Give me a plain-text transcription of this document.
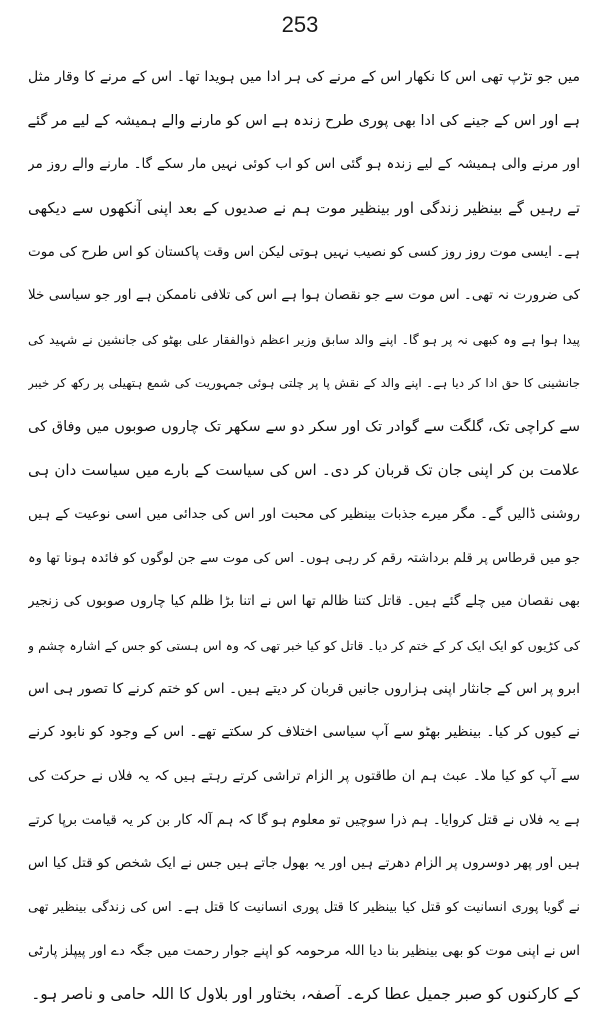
253
میں جو تڑپ تھی اس کا نکھار اس کے مرنے کی ہر ادا میں ہویدا تھا۔ اس کے مرنے کا وقار مثل
ہے اور اس کے جینے کی ادا بھی پوری طرح زندہ ہے اس کو مارنے والے ہمیشہ کے لیے مر گئے
اور مرنے والی ہمیشہ کے لیے زندہ ہو گئی اس کو اب کوئی نہیں مار سکے گا۔ مارنے والے روز مر
تے رہیں گے بینظیر زندگی اور بینظیر موت ہم نے صدیوں کے بعد اپنی آنکھوں سے دیکھی
ہے۔ ایسی موت روز روز کسی کو نصیب نہیں ہوتی لیکن اس وقت پاکستان کو اس طرح کی موت
کی ضرورت نہ تھی۔ اس موت سے جو نقصان ہوا ہے اس کی تلافی ناممکن ہے اور جو سیاسی خلا
پیدا ہوا ہے وہ کبھی نہ پر ہو گا۔ اپنے والد سابق وزیر اعظم ذوالفقار علی بھٹو کی جانشین نے شہید کی
جانشینی کا حق ادا کر دیا ہے۔ اپنے والد کے نقش پا پر چلتی ہوئی جمہوریت کی شمع ہتھیلی پر رکھ کر خیبر
سے کراچی تک، گلگت سے گوادر تک اور سکر دو سے سکھر تک چاروں صوبوں میں وفاق کی
علامت بن کر اپنی جان تک قربان کر دی۔ اس کی سیاست کے بارے میں سیاست دان ہی
روشنی ڈالیں گے۔ مگر میرے جذبات بینظیر کی محبت اور اس کی جدائی میں اسی نوعیت کے ہیں
جو میں قرطاس پر قلم برداشتہ رقم کر رہی ہوں۔ اس کی موت سے جن لوگوں کو فائدہ ہونا تھا وہ
بھی نقصان میں چلے گئے ہیں۔ قاتل کتنا ظالم تھا اس نے اتنا بڑا ظلم کیا چاروں صوبوں کی زنجیر
کی کڑیوں کو ایک ایک کر کے ختم کر دیا۔ قاتل کو کیا خبر تھی کہ وہ اس ہستی کو جس کے اشارہ چشم و
ابرو پر اس کے جانثار اپنی ہزاروں جانیں قربان کر دیتے ہیں۔ اس کو ختم کرنے کا تصور ہی اس
نے کیوں کر کیا۔ بینظیر بھٹو سے آپ سیاسی اختلاف کر سکتے تھے۔ اس کے وجود کو نابود کرنے
سے آپ کو کیا ملا۔ عبث ہم ان طاقتوں پر الزام تراشی کرتے رہتے ہیں کہ یہ فلاں نے حرکت کی
ہے یہ فلاں نے قتل کروایا۔ ہم ذرا سوچیں تو معلوم ہو گا کہ ہم آلہ کار بن کر یہ قیامت برپا کرتے
ہیں اور پھر دوسروں پر الزام دھرتے ہیں اور یہ بھول جاتے ہیں جس نے ایک شخص کو قتل کیا اس
نے گویا پوری انسانیت کو قتل کیا بینظیر کا قتل پوری انسانیت کا قتل ہے۔ اس کی زندگی بینظیر تھی
اس نے اپنی موت کو بھی بینظیر بنا دیا اللہ مرحومہ کو اپنے جوار رحمت میں جگہ دے اور پیپلز پارٹی
کے کارکنوں کو صبر جمیل عطا کرے۔ آصفہ، بختاور اور بلاول کا اللہ حامی و ناصر ہو۔
